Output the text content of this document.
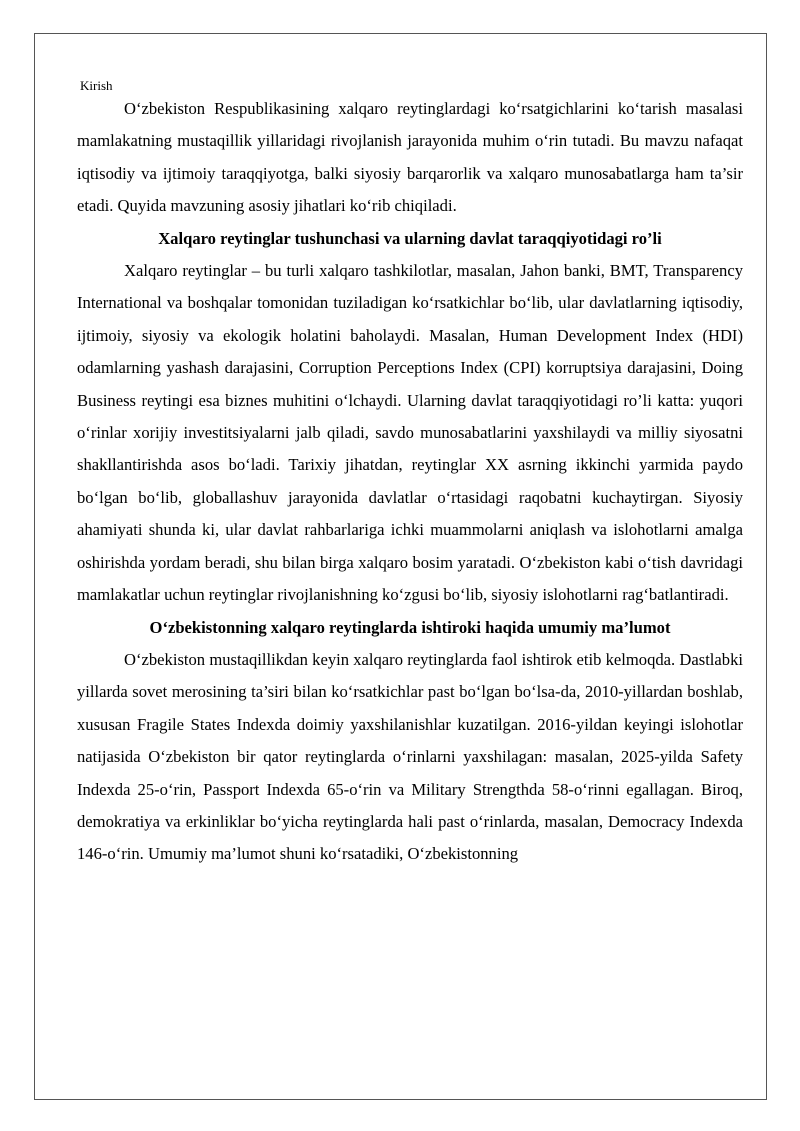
Kirish

O‘zbekiston Respublikasining xalqaro reytinglardagi ko‘rsatgichlarini ko‘tarish masalasi mamlakatning mustaqillik yillaridagi rivojlanish jarayonida muhim o‘rin tutadi. Bu mavzu nafaqat iqtisodiy va ijtimoiy taraqqiyotga, balki siyosiy barqarorlik va xalqaro munosabatlarga ham ta’sir etadi. Quyida mavzuning asosiy jihatlari ko‘rib chiqiladi.

Xalqaro reytinglar tushunchasi va ularning davlat taraqqiyotidagi ro’li

Xalqaro reytinglar – bu turli xalqaro tashkilotlar, masalan, Jahon banki, BMT, Transparency International va boshqalar tomonidan tuziladigan ko‘rsatkichlar bo‘lib, ular davlatlarning iqtisodiy, ijtimoiy, siyosiy va ekologik holatini baholaydi. Masalan, Human Development Index (HDI) odamlarning yashash darajasini, Corruption Perceptions Index (CPI) korruptsiya darajasini, Doing Business reytingi esa biznes muhitini o‘lchaydi. Ularning davlat taraqqiyotidagi ro’li katta: yuqori o‘rinlar xorijiy investitsiyalarni jalb qiladi, savdo munosabatlarini yaxshilaydi va milliy siyosatni shakllantirishda asos bo‘ladi. Tarixiy jihatdan, reytinglar XX asrning ikkinchi yarmida paydo bo‘lgan bo‘lib, globallashuv jarayonida davlatlar o‘rtasidagi raqobatni kuchaytirgan. Siyosiy ahamiyati shunda ki, ular davlat rahbarlariga ichki muammolarni aniqlash va islohotlarni amalga oshirishda yordam beradi, shu bilan birga xalqaro bosim yaratadi. O‘zbekiston kabi o‘tish davridagi mamlakatlar uchun reytinglar rivojlanishning ko‘zgusi bo‘lib, siyosiy islohotlarni rag‘batlantiradi.

O‘zbekistonning xalqaro reytinglarda ishtiroki haqida umumiy ma’lumot

O‘zbekiston mustaqillikdan keyin xalqaro reytinglarda faol ishtirok etib kelmoqda. Dastlabki yillarda sovet merosining ta’siri bilan ko‘rsatkichlar past bo‘lgan bo‘lsa-da, 2010-yillardan boshlab, xususan Fragile States Indexda doimiy yaxshilanishlar kuzatilgan. 2016-yildan keyingi islohotlar natijasida O‘zbekiston bir qator reytinglarda o‘rinlarni yaxshilagan: masalan, 2025-yilda Safety Indexda 25-o‘rin, Passport Indexda 65-o‘rin va Military Strengthda 58-o‘rinni egallagan. Biroq, demokratiya va erkinliklar bo‘yicha reytinglarda hali past o‘rinlarda, masalan, Democracy Indexda 146-o‘rin. Umumiy ma’lumot shuni ko‘rsatadiki, O‘zbekistonning
